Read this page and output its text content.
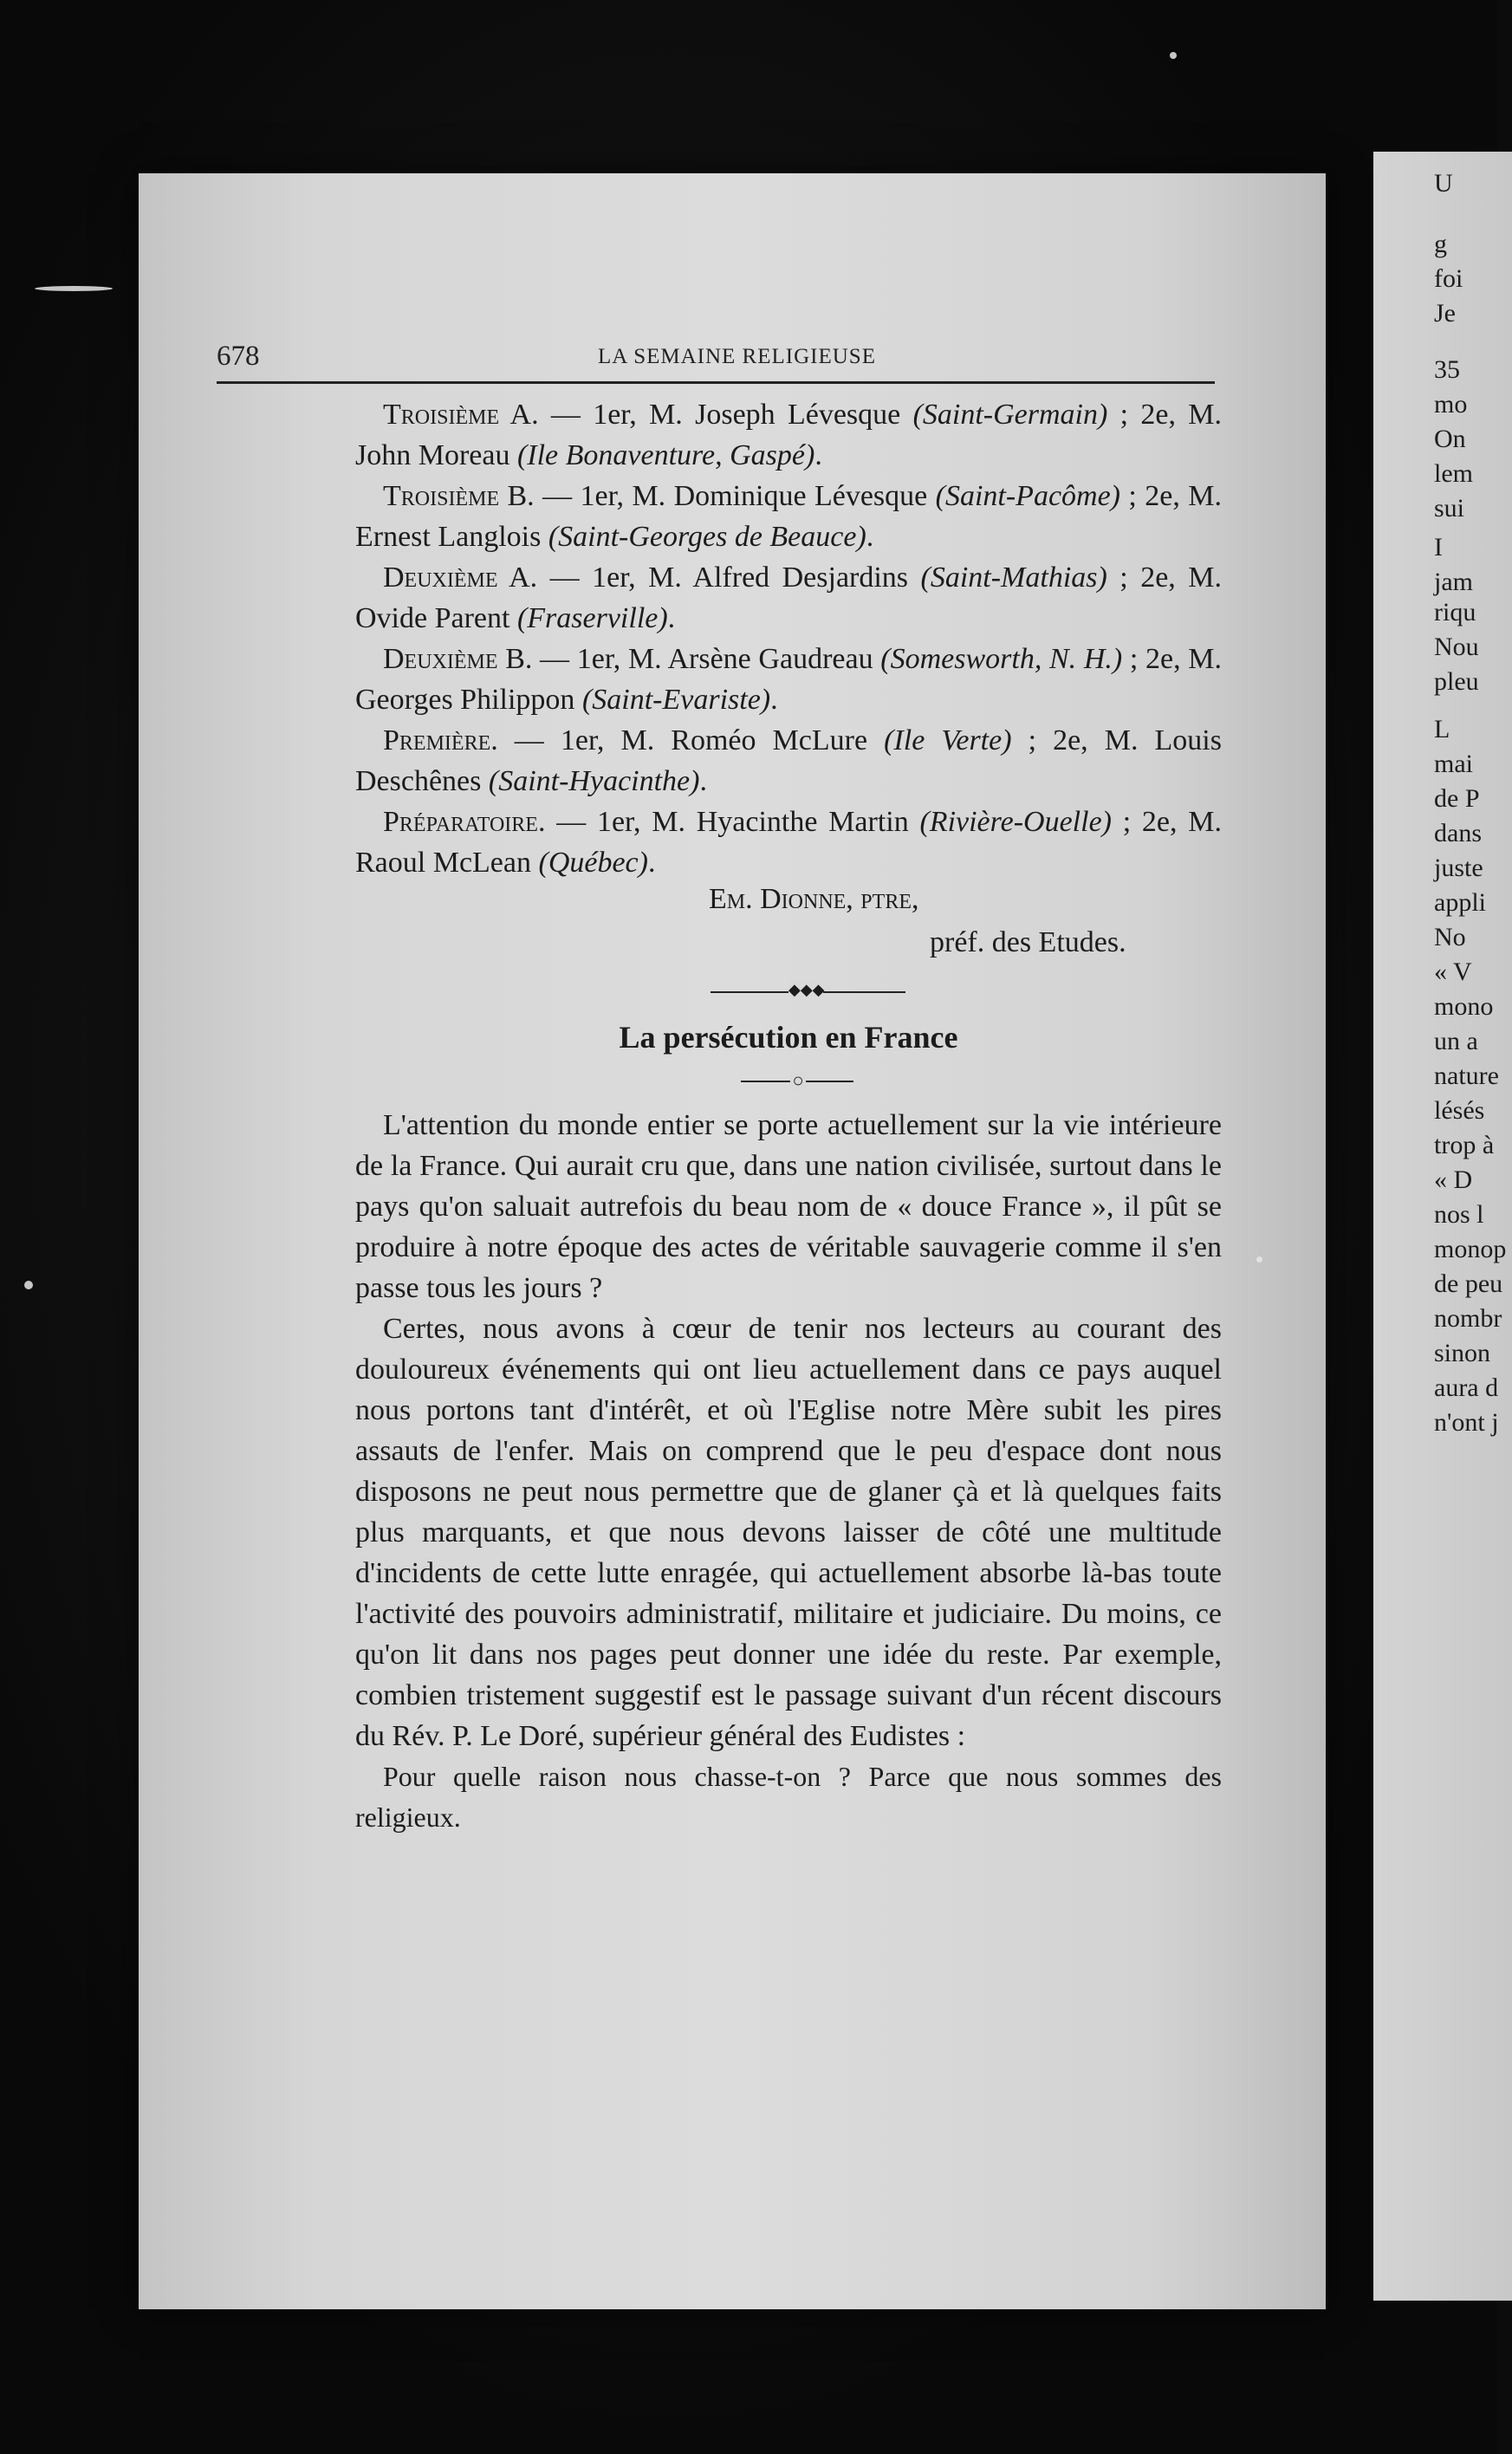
U
g
foi
Je
35
mo
On
lem
sui
I
jam
riqu
Nou
pleu
L
mai
de P
dans
juste
appli
No
« V
mono
un a
nature
lésés
trop à
« D
nos l
monop
de peu
nombr
sinon
aura d
n'ont j
678	LA SEMAINE RELIGIEUSE

Troisième A. — 1er, M. Joseph Lévesque (Saint-Germain) ; 2e, M. John Moreau (Ile Bonaventure, Gaspé).

Troisième B. — 1er, M. Dominique Lévesque (Saint-Pacôme) ; 2e, M. Ernest Langlois (Saint-Georges de Beauce).

Deuxième A. — 1er, M. Alfred Desjardins (Saint-Mathias) ; 2e, M. Ovide Parent (Fraserville).

Deuxième B. — 1er, M. Arsène Gaudreau (Somesworth, N. H.) ; 2e, M. Georges Philippon (Saint-Evariste).

Première. — 1er, M. Roméo McLure (Ile Verte) ; 2e, M. Louis Deschênes (Saint-Hyacinthe).

Préparatoire. — 1er, M. Hyacinthe Martin (Rivière-Ouelle) ; 2e, M. Raoul McLean (Québec).

Em. Dionne, ptre,
préf. des Etudes.
◆◆◆
La persécution en France
○

L'attention du monde entier se porte actuellement sur la vie intérieure de la France. Qui aurait cru que, dans une nation civilisée, surtout dans le pays qu'on saluait autrefois du beau nom de « douce France », il pût se produire à notre époque des actes de véritable sauvagerie comme il s'en passe tous les jours ?

Certes, nous avons à cœur de tenir nos lecteurs au courant des douloureux événements qui ont lieu actuellement dans ce pays auquel nous portons tant d'intérêt, et où l'Eglise notre Mère subit les pires assauts de l'enfer. Mais on comprend que le peu d'espace dont nous disposons ne peut nous permettre que de glaner çà et là quelques faits plus marquants, et que nous devons laisser de côté une multitude d'incidents de cette lutte enragée, qui actuellement absorbe là-bas toute l'activité des pouvoirs administratif, militaire et judiciaire. Du moins, ce qu'on lit dans nos pages peut donner une idée du reste. Par exemple, combien tristement suggestif est le passage suivant d'un récent discours du Rév. P. Le Doré, supérieur général des Eudistes :

Pour quelle raison nous chasse-t-on ? Parce que nous sommes des religieux.
